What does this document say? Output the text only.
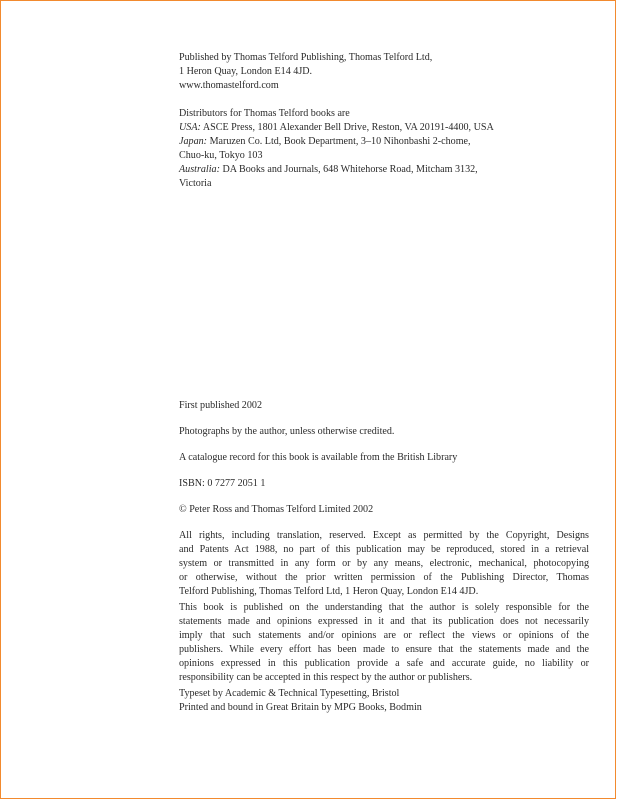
Published by Thomas Telford Publishing, Thomas Telford Ltd,
1 Heron Quay, London E14 4JD.
www.thomastelford.com
Distributors for Thomas Telford books are
USA: ASCE Press, 1801 Alexander Bell Drive, Reston, VA 20191-4400, USA
Japan: Maruzen Co. Ltd, Book Department, 3–10 Nihonbashi 2-chome,
Chuo-ku, Tokyo 103
Australia: DA Books and Journals, 648 Whitehorse Road, Mitcham 3132,
Victoria
First published 2002
Photographs by the author, unless otherwise credited.
A catalogue record for this book is available from the British Library
ISBN: 0 7277 2051 1
© Peter Ross and Thomas Telford Limited 2002
All rights, including translation, reserved. Except as permitted by the Copyright, Designs
and Patents Act 1988, no part of this publication may be reproduced, stored in a retrieval
system or transmitted in any form or by any means, electronic, mechanical, photocopying
or otherwise, without the prior written permission of the Publishing Director, Thomas
Telford Publishing, Thomas Telford Ltd, 1 Heron Quay, London E14 4JD.
This book is published on the understanding that the author is solely responsible for the
statements made and opinions expressed in it and that its publication does not necessarily
imply that such statements and/or opinions are or reflect the views or opinions of the
publishers. While every effort has been made to ensure that the statements made and the
opinions expressed in this publication provide a safe and accurate guide, no liability or
responsibility can be accepted in this respect by the author or publishers.
Typeset by Academic & Technical Typesetting, Bristol
Printed and bound in Great Britain by MPG Books, Bodmin
